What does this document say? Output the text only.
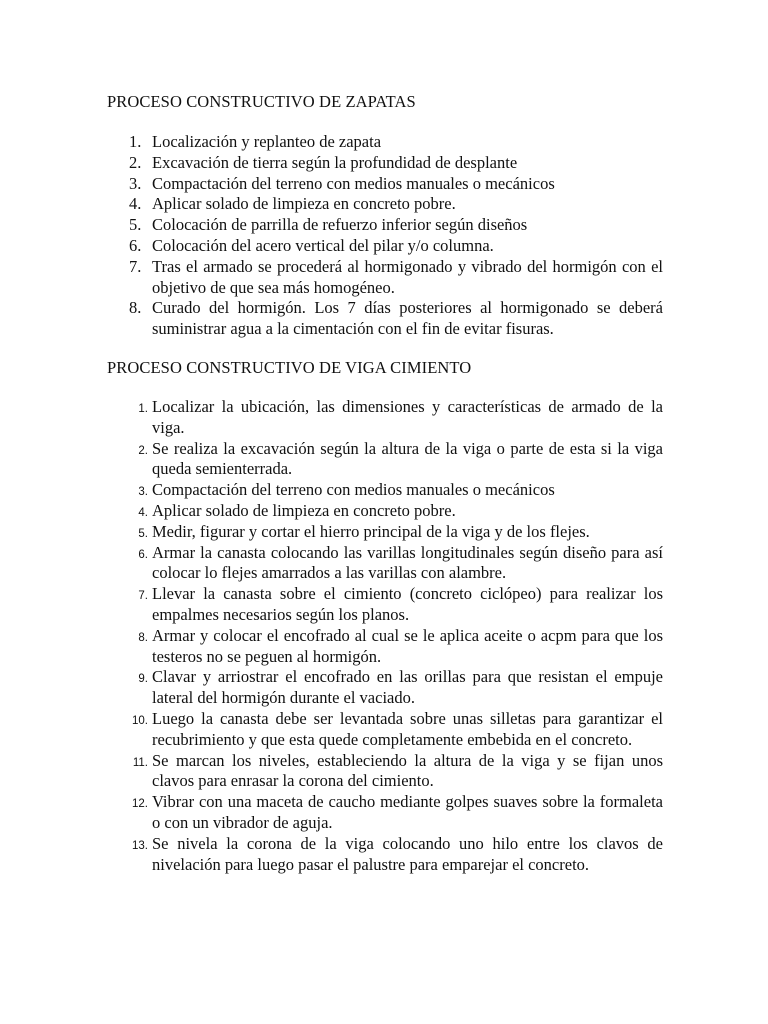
PROCESO CONSTRUCTIVO DE ZAPATAS
1. Localización y replanteo de zapata
2. Excavación de tierra según la profundidad de desplante
3. Compactación del terreno con medios manuales o mecánicos
4. Aplicar solado de limpieza en concreto pobre.
5. Colocación de parrilla de refuerzo inferior según diseños
6. Colocación del acero vertical del pilar y/o columna.
7. Tras el armado se procederá al hormigonado y vibrado del hormigón con el objetivo de que sea más homogéneo.
8. Curado del hormigón. Los 7 días posteriores al hormigonado se deberá suministrar agua a la cimentación con el fin de evitar fisuras.
PROCESO CONSTRUCTIVO DE VIGA CIMIENTO
1. Localizar la ubicación, las dimensiones y características de armado de la viga.
2. Se realiza la excavación según la altura de la viga o parte de esta si la viga queda semienterrada.
3. Compactación del terreno con medios manuales o mecánicos
4. Aplicar solado de limpieza en concreto pobre.
5. Medir, figurar y cortar el hierro principal de la viga y de los flejes.
6. Armar la canasta colocando las varillas longitudinales según diseño para así colocar lo flejes amarrados a las varillas con alambre.
7. Llevar la canasta sobre el cimiento (concreto ciclópeo) para realizar los empalmes necesarios según los planos.
8. Armar y colocar el encofrado al cual se le aplica aceite o acpm para que los testeros no se peguen al hormigón.
9. Clavar y arriostrar el encofrado en las orillas para que resistan el empuje lateral del hormigón durante el vaciado.
10. Luego la canasta debe ser levantada sobre unas silletas para garantizar el recubrimiento y que esta quede completamente embebida en el concreto.
11. Se marcan los niveles, estableciendo la altura de la viga y se fijan unos clavos para enrasar la corona del cimiento.
12. Vibrar con una maceta de caucho mediante golpes suaves sobre la formaleta o con un vibrador de aguja.
13. Se nivela la corona de la viga colocando uno hilo entre los clavos de nivelación para luego pasar el palustre para emparejar el concreto.
